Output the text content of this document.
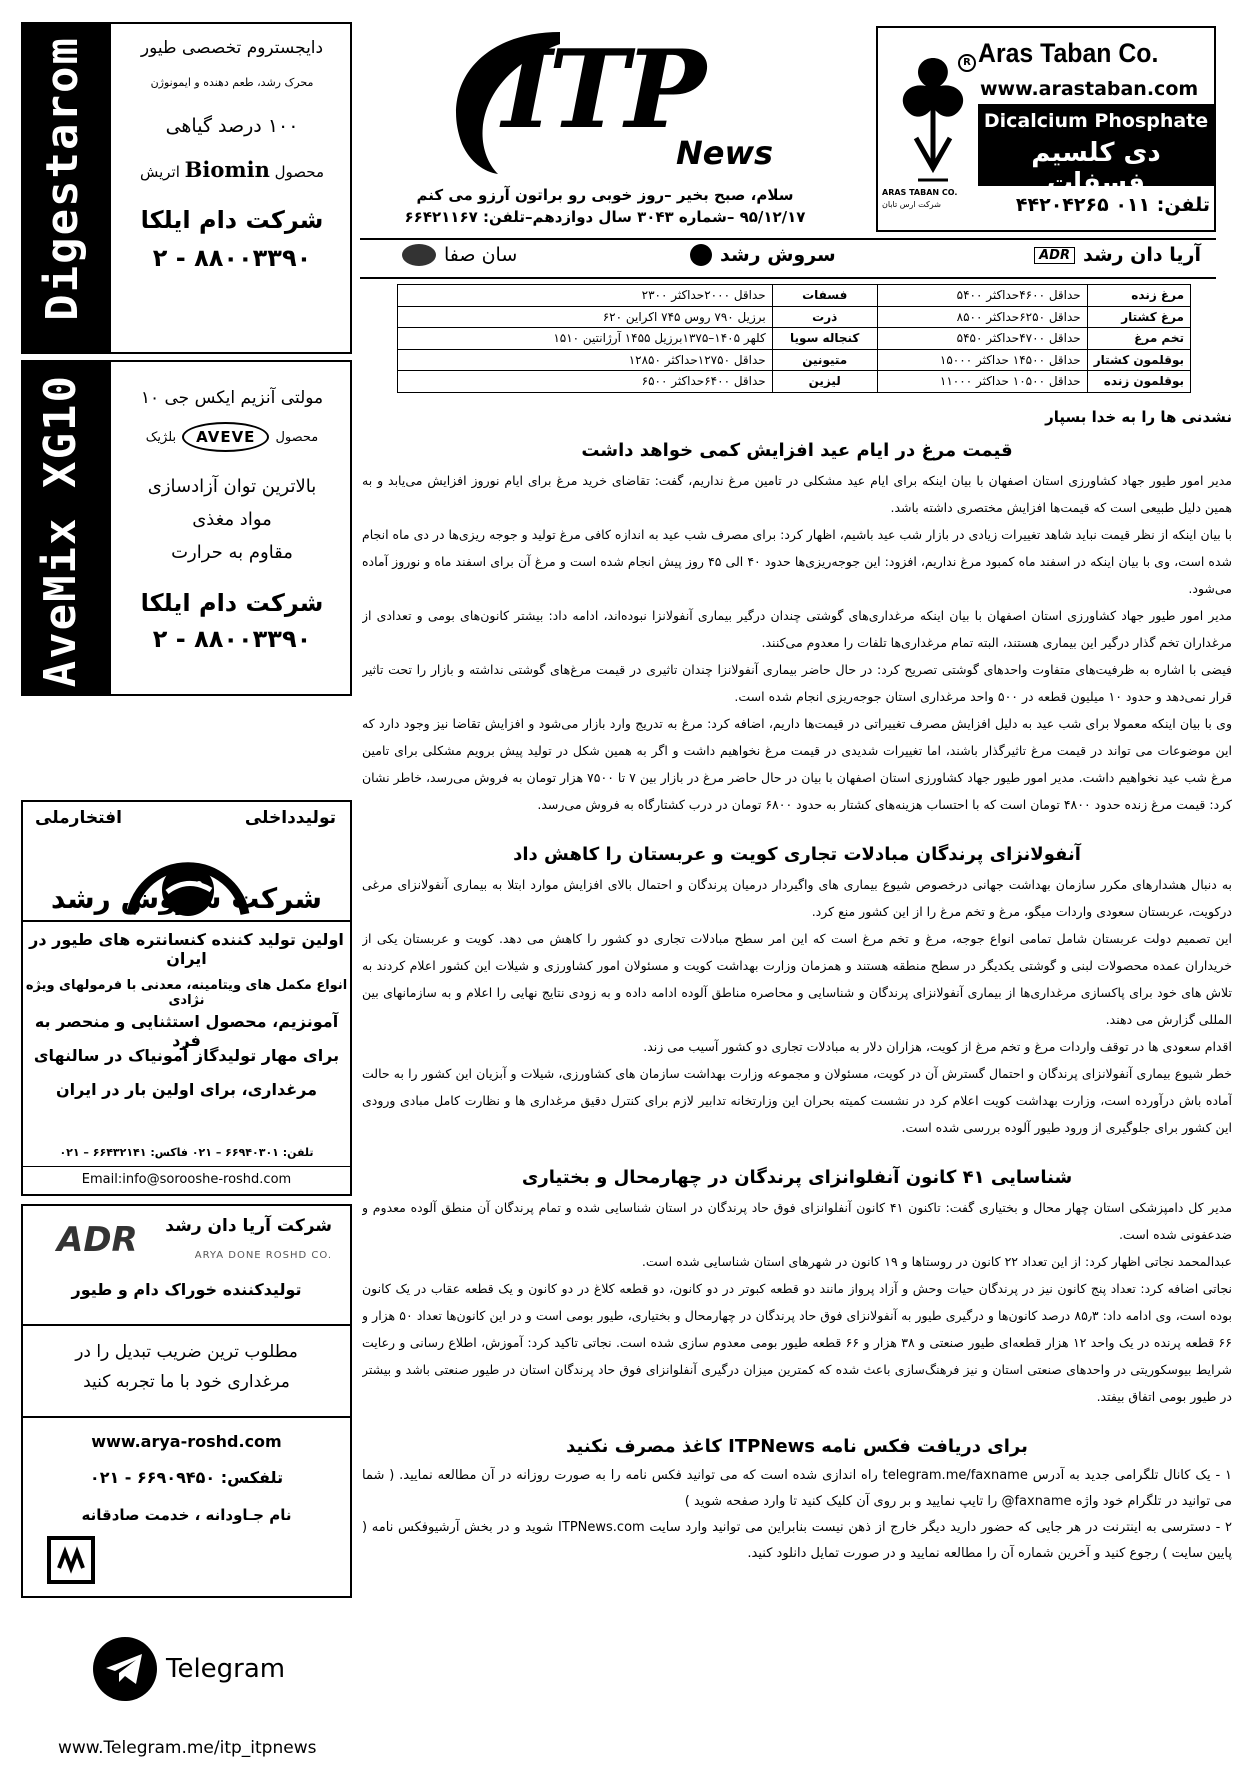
Digestarom	دایجستروم تخصصی طیور
محرک رشد، طعم دهنده و ایمونوژن
۱۰۰ درصد گیاهی
محصول Biomin اتریش
شرکت دام ایلکا
۸۸۰۰۳۳۹۰ - ۲
AveMix XG10	مولتی آنزیم ایکس جی ۱۰
محصول
AVEVE
بلژیک
بالاترین توان آزادسازی
مواد مغذی
مقاوم به حرارت
شرکت دام ایلکا
۸۸۰۰۳۳۹۰ - ۲
تولیدداخلی
افتخارملی
شرکت سروش رشد
اولین تولید کننده کنسانتره های طیور در ایران
انواع مکمل های ویتامینه، معدنی با فرمولهای ویژه نژادی
آمونزیم، محصول استثنایی و منحصر به فرد
برای مهار تولیدگاز آمونیاک در سالنهای
مرغداری، برای اولین بار در ایران
تلفن: ۶۶۹۴۰۳۰۱ – ۰۲۱ فاکس: ۶۶۴۳۲۱۴۱ – ۰۲۱
Email:info@sorooshe-roshd.com
شرکت آریا دان رشد
ADR	ARYA DONE ROSHD CO.
تولیدکننده خوراک دام و طیور
مطلوب ترین ضریب تبدیل را در
مرغداری خود با ما تجربه کنید
www.arya-roshd.com
تلفکس: ۶۶۹۰۹۴۵۰ - ۰۲۱
نام جـاودانه ، خدمت صادقانه
Telegram
www.Telegram.me/itp_itpnews
ITP
News
سلام، صبح بخیر –روز خوبی رو براتون آرزو می کنم
۹۵/۱۲/۱۷ –شماره ۳۰۴۳ سال دوازدهم–تلفن: ۶۶۴۲۱۱۶۷
R
ARAS TABAN CO.
شرکت ارس تابان
Aras Taban Co.
www.arastaban.com
Dicalcium Phosphate
دی کلسیم فسفات
تلفن: ۰۱۱ ۴۴۲۰۴۲۶۵
آریا دان رشد
ADR
سروش رشد
سان صفا
مرغ زنده	حداقل ۴۶۰۰حداکثر ۵۴۰۰	فسفات	حداقل ۲۰۰۰حداکثر ۲۳۰۰
مرغ کشتار	حداقل ۶۲۵۰حداکثر ۸۵۰۰	ذرت	برزیل ۷۹۰ روس ۷۴۵ اکراین ۶۲۰
تخم مرغ	حداقل ۴۷۰۰حداکثر ۵۴۵۰	کنجاله سویا	کلهر ۱۴۰۵–۱۳۷۵برزیل ۱۴۵۵ آرژانتین ۱۵۱۰
بوقلمون کشتار	حداقل ۱۴۵۰۰ حداکثر ۱۵۰۰۰	متیونین	حداقل ۱۲۷۵۰حداکثر ۱۲۸۵۰
بوقلمون زنده	حداقل ۱۰۵۰۰ حداکثر ۱۱۰۰۰	لیزین	حداقل ۶۴۰۰حداکثر ۶۵۰۰
نشدنی ها را به خدا بسپار
قیمت مرغ در ایام عید افزایش کمی خواهد داشت
مدیر امور طیور جهاد کشاورزی استان اصفهان با بیان اینکه برای ایام عید مشکلی در تامین مرغ نداریم، گفت: تقاضای خرید مرغ برای ایام نوروز افزایش می‌یابد و به همین دلیل طبیعی است که قیمت‌ها افزایش مختصری داشته باشد.
با بیان اینکه از نظر قیمت نباید شاهد تغییرات زیادی در بازار شب عید باشیم، اظهار کرد: برای مصرف شب عید به اندازه کافی مرغ تولید و جوجه ریزی‌ها در دی ماه انجام شده است، وی با بیان اینکه در اسفند ماه کمبود مرغ نداریم، افزود: این جوجه‌ریزی‌ها حدود ۴۰ الی ۴۵ روز پیش انجام شده است و مرغ آن برای اسفند ماه و نوروز آماده می‌شود.
مدیر امور طیور جهاد کشاورزی استان اصفهان با بیان اینکه مرغداری‌های گوشتی چندان درگیر بیماری آنفولانزا نبوده‌اند، ادامه داد: بیشتر کانون‌های بومی و تعدادی از مرغداران تخم گذار درگیر این بیماری هستند، البته تمام مرغداری‌ها تلفات را معدوم می‌کنند.
فیضی با اشاره به ظرفیت‌های متفاوت واحدهای گوشتی تصریح کرد: در حال حاضر بیماری آنفولانزا چندان تاثیری در قیمت مرغ‌های گوشتی نداشته و بازار را تحت تاثیر قرار نمی‌دهد و حدود ۱۰ میلیون قطعه در ۵۰۰ واحد مرغداری استان جوجه‌ریزی انجام شده است.
وی با بیان اینکه معمولا برای شب عید به دلیل افزایش مصرف تغییراتی در قیمت‌ها داریم، اضافه کرد: مرغ به تدریج وارد بازار می‌شود و افزایش تقاضا نیز وجود دارد که این موضوعات می تواند در قیمت مرغ تاثیرگذار باشند، اما تغییرات شدیدی در قیمت مرغ نخواهیم داشت و اگر به همین شکل در تولید پیش برویم مشکلی برای تامین مرغ شب عید نخواهیم داشت. مدیر امور طیور جهاد کشاورزی استان اصفهان با بیان در حال حاضر مرغ در بازار بین ۷ تا ۷۵۰۰ هزار تومان به فروش می‌رسد، خاطر نشان کرد: قیمت مرغ زنده حدود ۴۸۰۰ تومان است که با احتساب هزینه‌های کشتار به حدود ۶۸۰۰ تومان در درب کشتارگاه به فروش می‌رسد.
آنفولانزای پرندگان مبادلات تجاری کویت و عربستان را کاهش داد
به دنبال هشدارهای مکرر سازمان بهداشت جهانی درخصوص شیوع بیماری های واگیردار درمیان پرندگان و احتمال بالای افزایش موارد ابتلا به بیماری آنفولانزای مرغی درکویت، عربستان سعودی واردات میگو، مرغ و تخم مرغ را از این کشور منع کرد.
این تصمیم دولت عربستان شامل تمامی انواع جوجه، مرغ و تخم مرغ است که این امر سطح مبادلات تجاری دو کشور را کاهش می دهد. کویت و عربستان یکی از خریداران عمده محصولات لبنی و گوشتی یکدیگر در سطح منطقه هستند و همزمان وزارت بهداشت کویت و مسئولان امور کشاورزی و شیلات این کشور اعلام کردند به تلاش های خود برای پاکسازی مرغداری‌ها از بیماری آنفولانزای پرندگان و شناسایی و محاصره مناطق آلوده ادامه داده و به زودی نتایج نهایی را اعلام و به سازمانهای بین المللی گزارش می دهند.
اقدام سعودی ها در توقف واردات مرغ و تخم مرغ از کویت، هزاران دلار به مبادلات تجاری دو کشور آسیب می زند.
خطر شیوع بیماری آنفولانزای پرندگان و احتمال گسترش آن در کویت، مسئولان و مجموعه وزارت بهداشت سازمان های کشاورزی، شیلات و آبزیان این کشور را به حالت آماده باش درآورده است، وزارت بهداشت کویت اعلام کرد در نشست کمیته بحران این وزارتخانه تدابیر لازم برای کنترل دقیق مرغداری ها و نظارت کامل مبادی ورودی این کشور برای جلوگیری از ورود طیور آلوده بررسی شده است.
شناسایی ۴۱ کانون آنفلوانزای پرندگان در چهارمحال و بختیاری
مدیر کل دامپزشکی استان چهار محال و بختیاری گفت: تاکنون ۴۱ کانون آنفلوانزای فوق حاد پرندگان در استان شناسایی شده و تمام پرندگان آن منطق آلوده معدوم و ضدعفونی شده است.
عبدالمحمد نجاتی اظهار کرد: از این تعداد ۲۲ کانون در روستاها و ۱۹ کانون در شهرهای استان شناسایی شده است.
نجاتی اضافه کرد: تعداد پنج کانون نیز در پرندگان حیات وحش و آزاد پرواز مانند دو قطعه کبوتر در دو کانون، دو قطعه کلاغ در دو کانون و یک قطعه عقاب در یک کانون بوده است، وی ادامه داد: ۸۵٫۳ درصد کانون‌ها و درگیری طیور به آنفولانزای فوق حاد پرندگان در چهارمحال و بختیاری، طیور بومی است و در این کانون‌ها تعداد ۵۰ هزار و ۶۶ قطعه پرنده در یک واحد ۱۲ هزار قطعه‌ای طیور صنعتی و ۳۸ هزار و ۶۶ قطعه طیور بومی معدوم سازی شده است. نجاتی تاکید کرد: آموزش، اطلاع رسانی و رعایت شرایط بیوسکوریتی در واحدهای صنعتی استان و نیز فرهنگ‌سازی باعث شده که کمترین میزان درگیری آنفلوانزای فوق حاد پرندگان استان در طیور صنعتی باشد و بیشتر در طیور بومی اتفاق بیفتد.
برای دریافت فکس نامه ITPNews کاغذ مصرف نکنید
۱ - یک کانال تلگرامی جدید به آدرس telegram.me/faxname راه اندازی شده است که می توانید فکس نامه را به صورت روزانه در آن مطالعه نمایید. ( شما می توانید در تلگرام خود واژه faxname@ را تایپ نمایید و بر روی آن کلیک کنید تا وارد صفحه شوید )
۲ - دسترسی به اینترنت در هر جایی که حضور دارید دیگر خارج از ذهن نیست بنابراین می توانید وارد سایت ITPNews.com شوید و در بخش آرشیوفکس نامه ( پایین سایت ) رجوع کنید و آخرین شماره آن را مطالعه نمایید و در صورت تمایل دانلود کنید.
